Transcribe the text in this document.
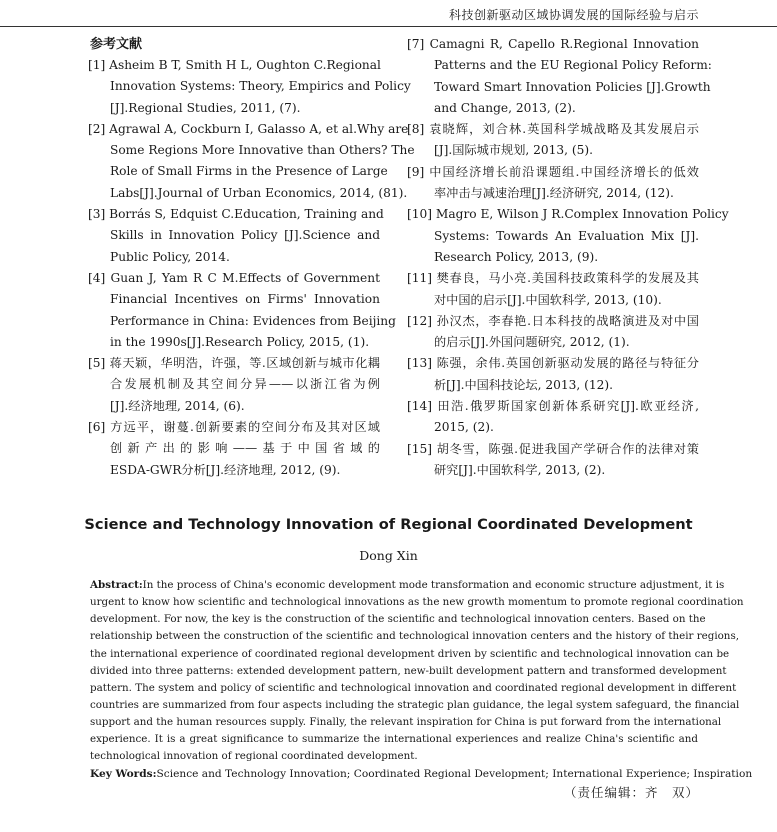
科技创新驱动区域协调发展的国际经验与启示
参考文献
[1] Asheim B T, Smith H L, Oughton C.Regional
Innovation Systems: Theory, Empirics and Policy
[J].Regional Studies, 2011, (7).
[2] Agrawal A, Cockburn I, Galasso A, et al.Why are
Some Regions More Innovative than Others? The
Role of Small Firms in the Presence of Large
Labs[J].Journal of Urban Economics, 2014, (81).
[3] Borrás S, Edquist C.Education, Training and
Skills in Innovation Policy [J].Science and
Public Policy, 2014.
[4] Guan J, Yam R C M.Effects of Government
Financial Incentives on Firms' Innovation
Performance in China: Evidences from Beijing
in the 1990s[J].Research Policy, 2015, (1).
[5] 蒋天颖，华明浩，许强，等.区域创新与城市化耦
合发展机制及其空间分异——以浙江省为例
[J].经济地理, 2014, (6).
[6] 方远平，谢蔓.创新要素的空间分布及其对区域
创新产出的影响——基于中国省域的
ESDA-GWR分析[J].经济地理, 2012, (9).
[7] Camagni R, Capello R.Regional Innovation
Patterns and the EU Regional Policy Reform:
Toward Smart Innovation Policies [J].Growth
and Change, 2013, (2).
[8] 袁晓辉，刘合林.英国科学城战略及其发展启示
[J].国际城市规划, 2013, (5).
[9] 中国经济增长前沿课题组.中国经济增长的低效
率冲击与减速治理[J].经济研究, 2014, (12).
[10] Magro E, Wilson J R.Complex Innovation Policy
Systems: Towards An Evaluation Mix [J].
Research Policy, 2013, (9).
[11] 樊春良，马小亮.美国科技政策科学的发展及其
对中国的启示[J].中国软科学, 2013, (10).
[12] 孙汉杰，李春艳.日本科技的战略演进及对中国
的启示[J].外国问题研究, 2012, (1).
[13] 陈强，余伟.英国创新驱动发展的路径与特征分
析[J].中国科技论坛, 2013, (12).
[14] 田浩.俄罗斯国家创新体系研究[J].欧亚经济,
2015, (2).
[15] 胡冬雪，陈强.促进我国产学研合作的法律对策
研究[J].中国软科学, 2013, (2).
Science and Technology Innovation of Regional Coordinated Development
Dong Xin
Abstract:In the process of China's economic development mode transformation and economic structure adjustment, it is
urgent to know how scientific and technological innovations as the new growth momentum to promote regional coordination
development. For now, the key is the construction of the scientific and technological innovation centers. Based on the
relationship between the construction of the scientific and technological innovation centers and the history of their regions,
the international experience of coordinated regional development driven by scientific and technological innovation can be
divided into three patterns: extended development pattern, new-built development pattern and transformed development
pattern. The system and policy of scientific and technological innovation and coordinated regional development in different
countries are summarized from four aspects including the strategic plan guidance, the legal system safeguard, the financial
support and the human resources supply. Finally, the relevant inspiration for China is put forward from the international
experience. It is a great significance to summarize the international experiences and realize China's scientific and
technological innovation of regional coordinated development.
Key Words:Science and Technology Innovation; Coordinated Regional Development; International Experience; Inspiration
（责任编辑：齐　双）
